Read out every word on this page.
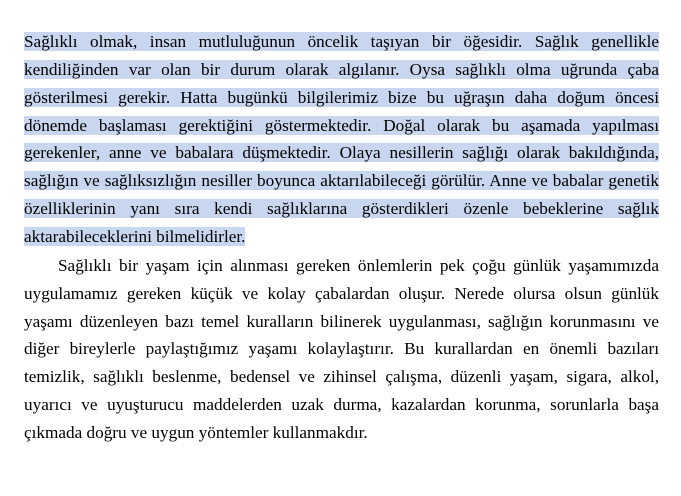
Sağlıklı olmak, insan mutluluğunun öncelik taşıyan bir öğesidir. Sağlık genellikle kendiliğinden var olan bir durum olarak algılanır. Oysa sağlıklı olma uğrunda çaba gösterilmesi gerekir. Hatta bugünkü bilgilerimiz bize bu uğraşın daha doğum öncesi dönemde başlaması gerektiğini göstermektedir. Doğal olarak bu aşamada yapılması gerekenler, anne ve babalara düşmektedir. Olaya nesillerin sağlığı olarak bakıldığında, sağlığın ve sağlıksızlığın nesiller boyunca aktarılabileceği görülür. Anne ve babalar genetik özelliklerinin yanı sıra kendi sağlıklarına gösterdikleri özenle bebeklerine sağlık aktarabileceklerini bilmelidirler.

Sağlıklı bir yaşam için alınması gereken önlemlerin pek çoğu günlük yaşamımızda uygulamamız gereken küçük ve kolay çabalardan oluşur. Nerede olursa olsun günlük yaşamı düzenleyen bazı temel kuralların bilinerek uygulanması, sağlığın korunmasını ve diğer bireylerle paylaştığımız yaşamı kolaylaştırır. Bu kurallardan en önemli bazıları temizlik, sağlıklı beslenme, bedensel ve zihinsel çalışma, düzenli yaşam, sigara, alkol, uyarıcı ve uyuşturucu maddelerden uzak durma, kazalardan korunma, sorunlarla başa çıkmada doğru ve uygun yöntemler kullanmakdır.
